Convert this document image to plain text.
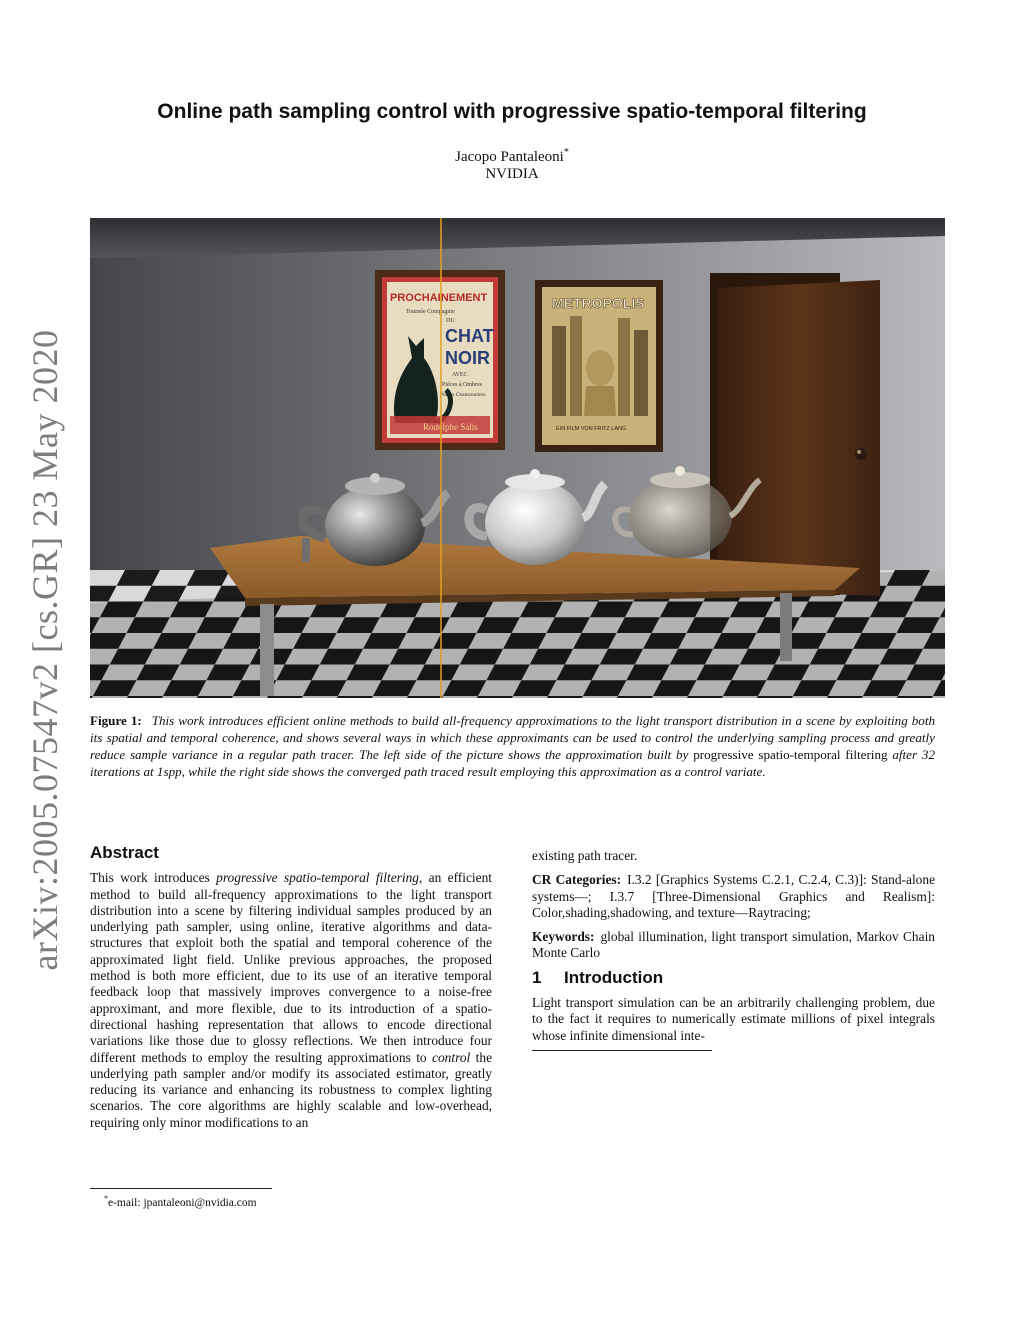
arXiv:2005.07547v2 [cs.GR] 23 May 2020
Online path sampling control with progressive spatio-temporal filtering
Jacopo Pantaleoni*
NVIDIA
PROCHAINEMENT
Tournée Compagnie
DU
CHAT
NOIR
AVEC
Pièces à Ombres
Poètes Chansonniers
Rodolphe Salis
METROPOLIS
EIN FILM VON FRITZ LANG
Figure 1: This work introduces efficient online methods to build all-frequency approximations to the light transport distribution in a scene by exploiting both its spatial and temporal coherence, and shows several ways in which these approximants can be used to control the underlying sampling process and greatly reduce sample variance in a regular path tracer. The left side of the picture shows the approximation built by progressive spatio-temporal filtering after 32 iterations at 1spp, while the right side shows the converged path traced result employing this approximation as a control variate.
Abstract

This work introduces progressive spatio-temporal filtering, an efficient method to build all-frequency approximations to the light transport distribution into a scene by filtering individual samples produced by an underlying path sampler, using online, iterative algorithms and data-structures that exploit both the spatial and temporal coherence of the approximated light field. Unlike previous approaches, the proposed method is both more efficient, due to its use of an iterative temporal feedback loop that massively improves convergence to a noise-free approximant, and more flexible, due to its introduction of a spatio-directional hashing representation that allows to encode directional variations like those due to glossy reflections. We then introduce four different methods to employ the resulting approximations to control the underlying path sampler and/or modify its associated estimator, greatly reducing its variance and enhancing its robustness to complex lighting scenarios. The core algorithms are highly scalable and low-overhead, requiring only minor modifications to an

existing path tracer.

CR Categories: I.3.2 [Graphics Systems C.2.1, C.2.4, C.3)]: Stand-alone systems—; I.3.7 [Three-Dimensional Graphics and Realism]: Color,shading,shadowing, and texture—Raytracing;

Keywords: global illumination, light transport simulation, Markov Chain Monte Carlo

1 Introduction

Light transport simulation can be an arbitrarily challenging problem, due to the fact it requires to numerically estimate millions of pixel integrals whose infinite dimensional inte-

*e-mail: jpantaleoni@nvidia.com
